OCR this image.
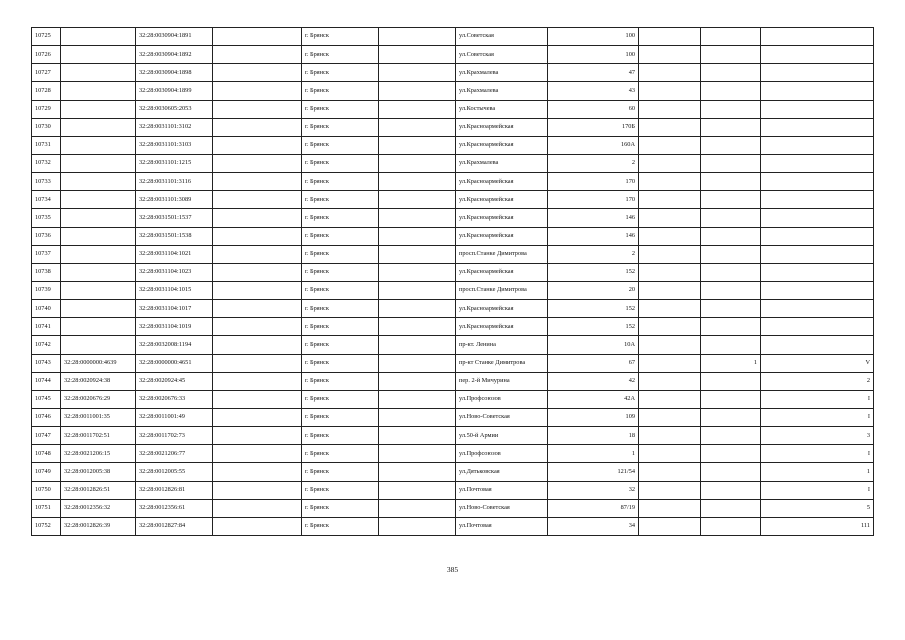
10725		32:28:0030904:1891		г. Брянск		ул.Советская	100			
10726		32:28:0030904:1892		г. Брянск		ул.Советская	100			
10727		32:28:0030904:1898		г. Брянск		ул.Крахмалева	47			
10728		32:28:0030904:1899		г. Брянск		ул.Крахмалева	43			
10729		32:28:0030605:2053		г. Брянск		ул.Костычева	60			
10730		32:28:0031101:3102		г. Брянск		ул.Красноармейская	170Б			
10731		32:28:0031101:3103		г. Брянск		ул.Красноармейская	160А			
10732		32:28:0031101:1215		г. Брянск		ул.Крахмалева	2			
10733		32:28:0031101:3116		г. Брянск		ул.Красноармейская	170			
10734		32:28:0031101:3089		г. Брянск		ул.Красноармейская	170			
10735		32:28:0031501:1537		г. Брянск		ул.Красноармейская	146			
10736		32:28:0031501:1538		г. Брянск		ул.Красноармейская	146			
10737		32:28:0031104:1021		г. Брянск		просп.Станке Димитрова	2			
10738		32:28:0031104:1023		г. Брянск		ул.Красноармейская	152			
10739		32:28:0031104:1015		г. Брянск		просп.Станке Димитрова	20			
10740		32:28:0031104:1017		г. Брянск		ул.Красноармейская	152			
10741		32:28:0031104:1019		г. Брянск		ул.Красноармейская	152			
10742		32:28:0032008:1194		г. Брянск		пр-кт. Ленина	10А			
10743	32:28:0000000:4639	32:28:0000000:4651		г. Брянск		пр-кт Станке Димитрова	67		1	V
10744	32:28:0020924:38	32:28:0020924:45		г. Брянск		пер. 2-й Мичурина	42			2
10745	32:28:0020676:29	32:28:0020676:33		г. Брянск		ул.Профсоюзов	42А			I
10746	32:28:0011001:35	32:28:0011001:49		г. Брянск		ул.Ново-Советская	109			I
10747	32:28:0011702:51	32:28:0011702:73		г. Брянск		ул.50-й Армии	18			3
10748	32:28:0021206:15	32:28:0021206:77		г. Брянск		ул.Профсоюзов	1			I
10749	32:28:0012005:38	32:28:0012005:55		г. Брянск		ул.Дятьковская	121/54			1
10750	32:28:0012826:51	32:28:0012826:81		г. Брянск		ул.Почтовая	32			I
10751	32:28:0012356:32	32:28:0012356:61		г. Брянск		ул.Ново-Советская	87/19			5
10752	32:28:0012826:39	32:28:0012827:84		г. Брянск		ул.Почтовая	34			111
385
